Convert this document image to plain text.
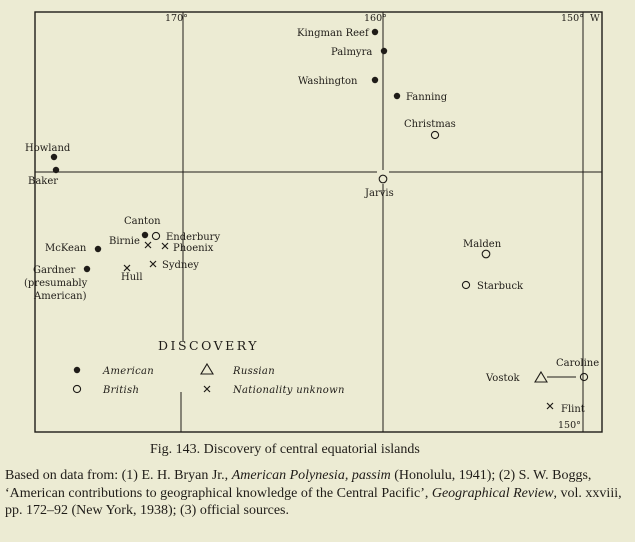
170°	160°	150° W
150°
Kingman Reef
Palmyra
Washington
Fanning
Christmas
Howland
Baker
Jarvis
Canton
Enderbury
Birnie
Phoenix
McKean
Sydney
Hull
Gardner
(presumably
American)
Malden
Starbuck
Caroline
Vostok
Flint
DISCOVERY
American	Russian
British	Nationality unknown
Fig. 143. Discovery of central equatorial islands
Based on data from: (1) E. H. Bryan Jr., American Polynesia, passim (Honolulu, 1941); (2) S. W. Boggs, ‘American contributions to geographical knowledge of the Central Pacific’, Geographical Review, vol. xxviii, pp. 172–92 (New York, 1938); (3) official sources.
